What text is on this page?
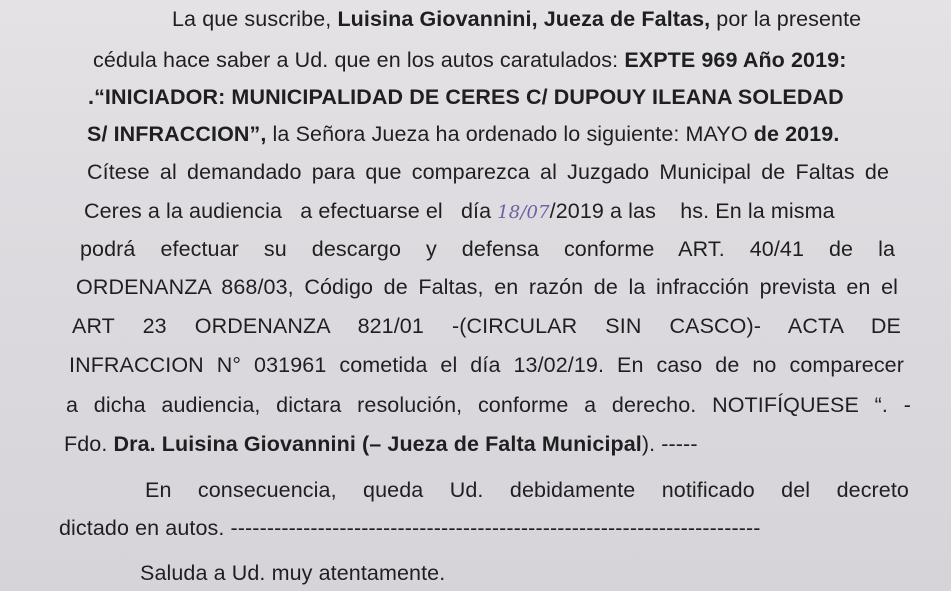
La que suscribe, Luisina Giovannini, Jueza de Faltas, por la presente
cédula hace saber a Ud. que en los autos caratulados: EXPTE 969 Año 2019:
.“INICIADOR: MUNICIPALIDAD DE CERES C/ DUPOUY ILEANA SOLEDAD
S/ INFRACCION”, la Señora Jueza ha ordenado lo siguiente: MAYO de 2019.
Cítese al demandado para que comparezca al Juzgado Municipal de Faltas de
Ceres a la audiencia   a efectuarse el   día 18/07/2019 a las    hs. En la misma
podrá efectuar su descargo y defensa conforme ART. 40/41 de la
ORDENANZA 868/03, Código de Faltas, en razón de la infracción prevista en el
ART 23 ORDENANZA 821/01 -(CIRCULAR SIN CASCO)- ACTA DE
INFRACCION N° 031961 cometida el día 13/02/19. En caso de no comparecer
a dicha audiencia, dictara resolución, conforme a derecho. NOTIFÍQUESE “. -
Fdo. Dra. Luisina Giovannini (– Jueza de Falta Municipal). -----
En consecuencia, queda Ud. debidamente notificado del decreto
dictado en autos. -------------------------------------------------------------------------
Saluda a Ud. muy atentamente.
